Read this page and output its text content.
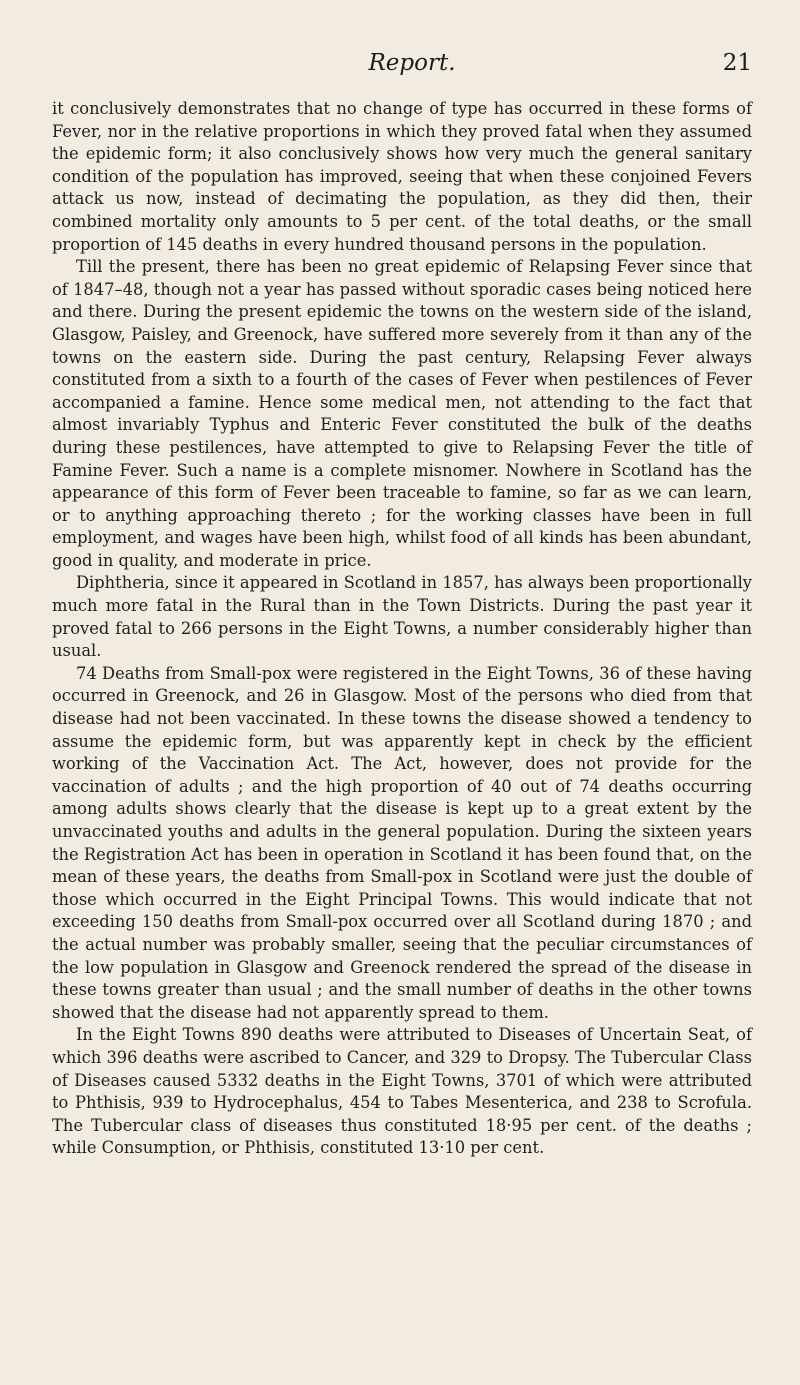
Report.	21

it conclusively demonstrates that no change of type has occurred in these forms of Fever, nor in the relative proportions in which they proved fatal when they assumed the epidemic form; it also conclusively shows how very much the general sanitary condition of the population has improved, seeing that when these conjoined Fevers attack us now, instead of decimating the population, as they did then, their combined mortality only amounts to 5 per cent. of the total deaths, or the small proportion of 145 deaths in every hundred thousand persons in the population.

Till the present, there has been no great epidemic of Relapsing Fever since that of 1847–48, though not a year has passed without sporadic cases being noticed here and there. During the present epidemic the towns on the western side of the island, Glasgow, Paisley, and Greenock, have suffered more severely from it than any of the towns on the eastern side. During the past century, Relapsing Fever always constituted from a sixth to a fourth of the cases of Fever when pestilences of Fever accompanied a famine. Hence some medical men, not attending to the fact that almost invariably Typhus and Enteric Fever constituted the bulk of the deaths during these pestilences, have attempted to give to Relapsing Fever the title of Famine Fever. Such a name is a complete misnomer. Nowhere in Scotland has the appearance of this form of Fever been traceable to famine, so far as we can learn, or to anything approaching thereto ; for the working classes have been in full employment, and wages have been high, whilst food of all kinds has been abundant, good in quality, and moderate in price.

Diphtheria, since it appeared in Scotland in 1857, has always been proportionally much more fatal in the Rural than in the Town Districts. During the past year it proved fatal to 266 persons in the Eight Towns, a number considerably higher than usual.

74 Deaths from Small-pox were registered in the Eight Towns, 36 of these having occurred in Greenock, and 26 in Glasgow. Most of the persons who died from that disease had not been vaccinated. In these towns the disease showed a tendency to assume the epidemic form, but was apparently kept in check by the efficient working of the Vaccination Act. The Act, however, does not provide for the vaccination of adults ; and the high proportion of 40 out of 74 deaths occurring among adults shows clearly that the disease is kept up to a great extent by the unvaccinated youths and adults in the general population. During the sixteen years the Registration Act has been in operation in Scotland it has been found that, on the mean of these years, the deaths from Small-pox in Scotland were just the double of those which occurred in the Eight Principal Towns. This would indicate that not exceeding 150 deaths from Small-pox occurred over all Scotland during 1870 ; and the actual number was probably smaller, seeing that the peculiar circumstances of the low population in Glasgow and Greenock rendered the spread of the disease in these towns greater than usual ; and the small number of deaths in the other towns showed that the disease had not apparently spread to them.

In the Eight Towns 890 deaths were attributed to Diseases of Uncertain Seat, of which 396 deaths were ascribed to Cancer, and 329 to Dropsy. The Tubercular Class of Diseases caused 5332 deaths in the Eight Towns, 3701 of which were attributed to Phthisis, 939 to Hydrocephalus, 454 to Tabes Mesenterica, and 238 to Scrofula. The Tubercular class of diseases thus constituted 18·95 per cent. of the deaths ; while Consumption, or Phthisis, constituted 13·10 per cent.
